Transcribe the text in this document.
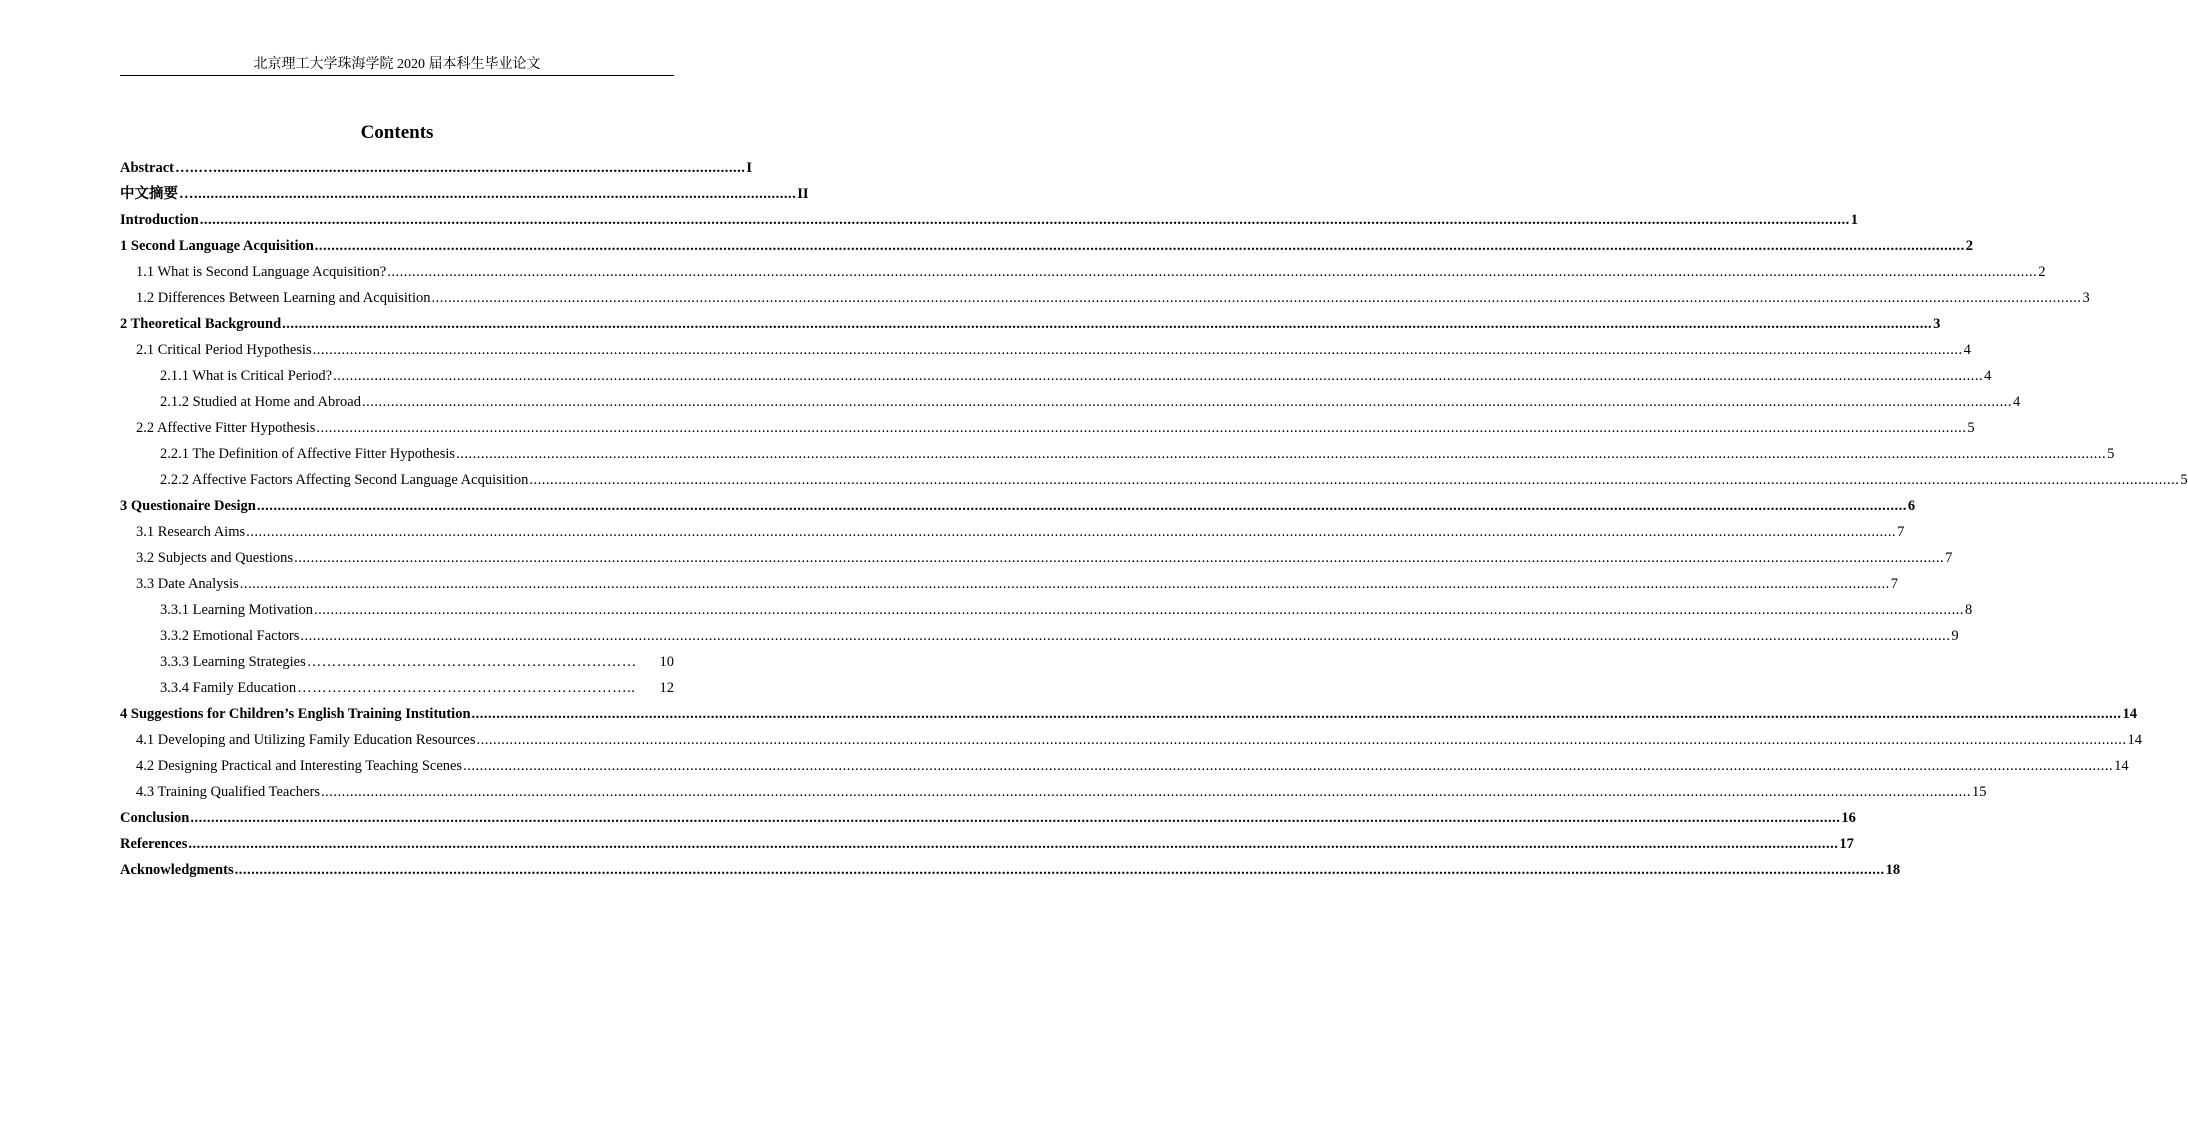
北京理工大学珠海学院 2020 届本科生毕业论文
Contents
Abstract …..…................................................................................................................................. I
中文摘要 ….................................................................................................................................................. II
Introduction ................................................................................................................................................................................................................................................................................................................................................................................................................ 1
1 Second Language Acquisition ................................................................................................................................................................................................................................................................................................................................................................................................................ 2
1.1 What is Second Language Acquisition? ................................................................................................................................................................................................................................................................................................................................................................................................................ 2
1.2 Differences Between Learning and Acquisition ................................................................................................................................................................................................................................................................................................................................................................................................................ 3
2 Theoretical Background ................................................................................................................................................................................................................................................................................................................................................................................................................ 3
2.1 Critical Period Hypothesis ................................................................................................................................................................................................................................................................................................................................................................................................................ 4
2.1.1 What is Critical Period? ................................................................................................................................................................................................................................................................................................................................................................................................................ 4
2.1.2 Studied at Home and Abroad ................................................................................................................................................................................................................................................................................................................................................................................................................ 4
2.2 Affective Fitter Hypothesis ................................................................................................................................................................................................................................................................................................................................................................................................................ 5
2.2.1 The Definition of Affective Fitter Hypothesis ................................................................................................................................................................................................................................................................................................................................................................................................................ 5
2.2.2 Affective Factors Affecting Second Language Acquisition ................................................................................................................................................................................................................................................................................................................................................................................................................ 5
3 Questionaire Design ................................................................................................................................................................................................................................................................................................................................................................................................................ 6
3.1 Research Aims ................................................................................................................................................................................................................................................................................................................................................................................................................ 7
3.2 Subjects and Questions ................................................................................................................................................................................................................................................................................................................................................................................................................ 7
3.3 Date Analysis ................................................................................................................................................................................................................................................................................................................................................................................................................ 7
3.3.1 Learning Motivation ................................................................................................................................................................................................................................................................................................................................................................................................................ 8
3.3.2 Emotional Factors ................................................................................................................................................................................................................................................................................................................................................................................................................ 9
3.3.3 Learning Strategies …………………………………………………………	10
3.3.4 Family Education …………………………………………………………..	12
4 Suggestions for Children’s English Training Institution ................................................................................................................................................................................................................................................................................................................................................................................................................ 14
4.1 Developing and Utilizing Family Education Resources ................................................................................................................................................................................................................................................................................................................................................................................................................ 14
4.2 Designing Practical and Interesting Teaching Scenes ................................................................................................................................................................................................................................................................................................................................................................................................................ 14
4.3 Training Qualified Teachers ................................................................................................................................................................................................................................................................................................................................................................................................................ 15
Conclusion ................................................................................................................................................................................................................................................................................................................................................................................................................ 16
References ................................................................................................................................................................................................................................................................................................................................................................................................................ 17
Acknowledgments ................................................................................................................................................................................................................................................................................................................................................................................................................ 18
